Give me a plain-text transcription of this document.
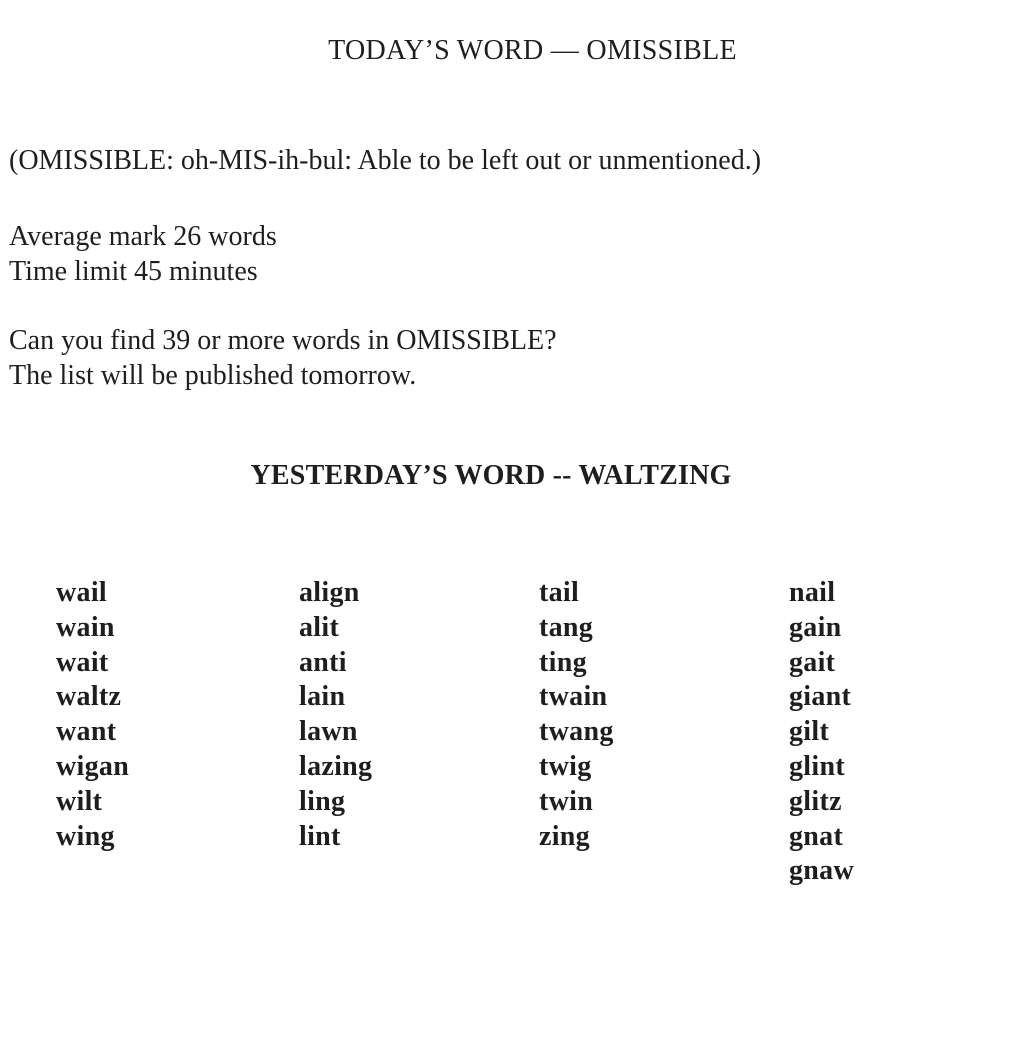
TODAY’S WORD — OMISSIBLE
(OMISSIBLE: oh-MIS-ih-bul: Able to be left out or unmentioned.)
Average mark 26 words
Time limit 45 minutes
Can you find 39 or more words in OMISSIBLE?
The list will be published tomorrow.
YESTERDAY’S WORD -- WALTZING
wail
wain
wait
waltz
want
wigan
wilt
wing
align
alit
anti
lain
lawn
lazing
ling
lint
tail
tang
ting
twain
twang
twig
twin
zing
nail
gain
gait
giant
gilt
glint
glitz
gnat
gnaw
